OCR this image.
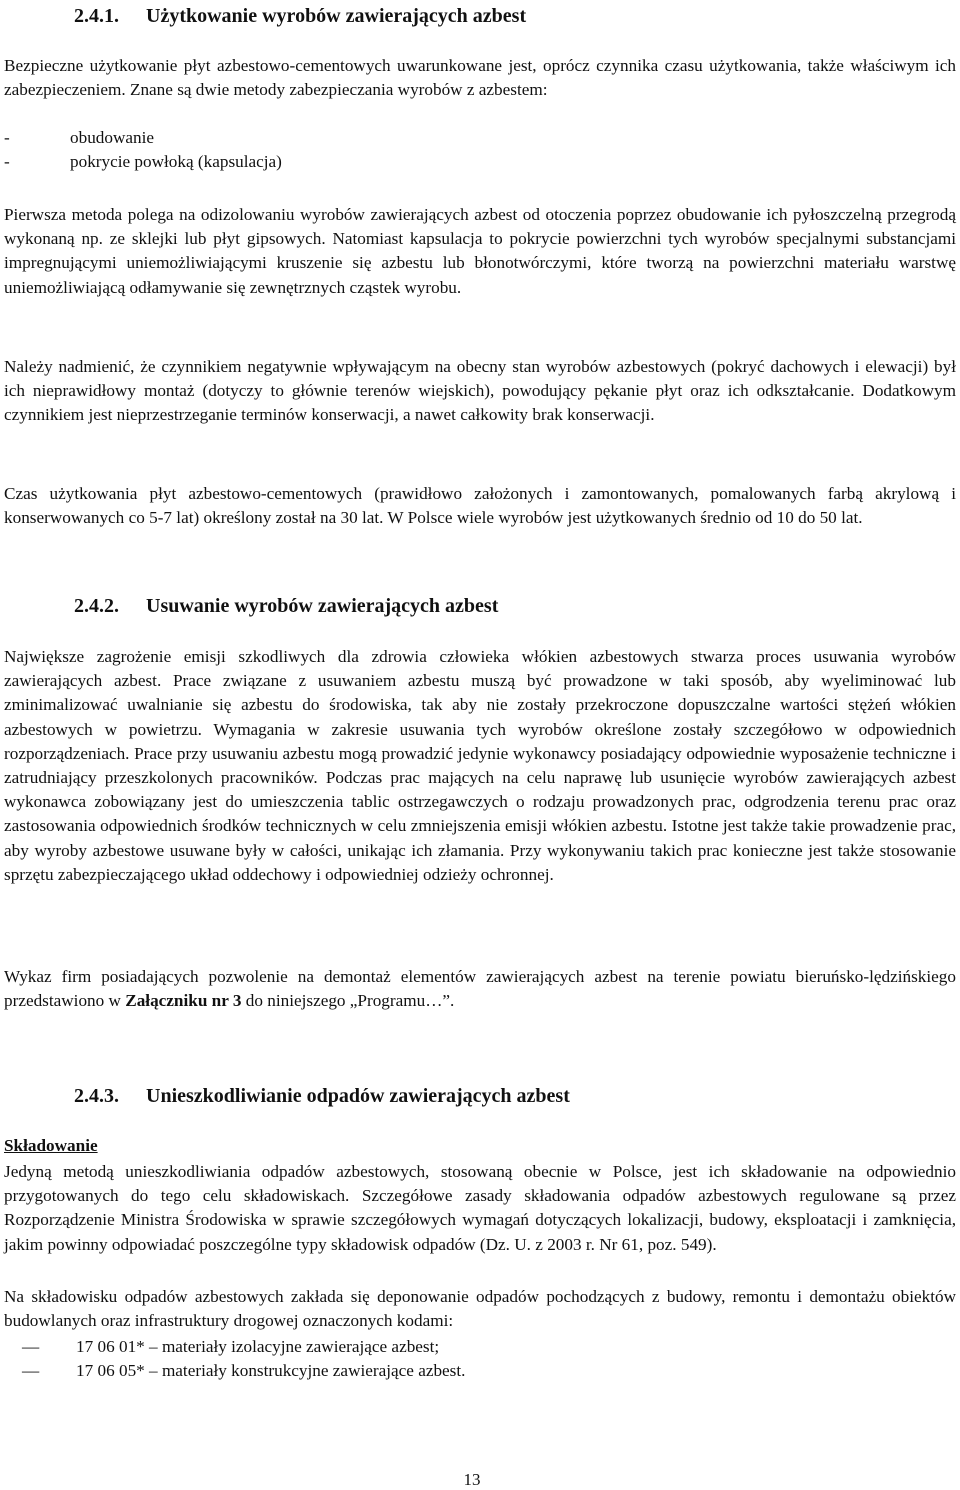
2.4.1. Użytkowanie wyrobów zawierających azbest

Bezpieczne użytkowanie płyt azbestowo-cementowych uwarunkowane jest, oprócz czynnika czasu użytkowania, także właściwym ich zabezpieczeniem. Znane są dwie metody zabezpieczania wyrobów z azbestem:

-	obudowanie
-	pokrycie powłoką (kapsulacja)

Pierwsza metoda polega na odizolowaniu wyrobów zawierających azbest od otoczenia poprzez obudowanie ich pyłoszczelną przegrodą wykonaną np. ze sklejki lub płyt gipsowych. Natomiast kapsulacja to pokrycie powierzchni tych wyrobów specjalnymi substancjami impregnującymi uniemożliwiającymi kruszenie się azbestu lub błonotwórczymi, które tworzą na powierzchni materiału warstwę uniemożliwiającą odłamywanie się zewnętrznych cząstek wyrobu.

Należy nadmienić, że czynnikiem negatywnie wpływającym na obecny stan wyrobów azbestowych (pokryć dachowych i elewacji) był ich nieprawidłowy montaż (dotyczy to głównie terenów wiejskich), powodujący pękanie płyt oraz ich odkształcanie. Dodatkowym czynnikiem jest nieprzestrzeganie terminów konserwacji, a nawet całkowity brak konserwacji.

Czas użytkowania płyt azbestowo-cementowych (prawidłowo założonych i zamontowanych, pomalowanych farbą akrylową i konserwowanych co 5-7 lat) określony został na 30 lat. W Polsce wiele wyrobów jest użytkowanych średnio od 10 do 50 lat.

2.4.2. Usuwanie wyrobów zawierających azbest

Największe zagrożenie emisji szkodliwych dla zdrowia człowieka włókien azbestowych stwarza proces usuwania wyrobów zawierających azbest. Prace związane z usuwaniem azbestu muszą być prowadzone w taki sposób, aby wyeliminować lub zminimalizować uwalnianie się azbestu do środowiska, tak aby nie zostały przekroczone dopuszczalne wartości stężeń włókien azbestowych w powietrzu. Wymagania w zakresie usuwania tych wyrobów określone zostały szczegółowo w odpowiednich rozporządzeniach. Prace przy usuwaniu azbestu mogą prowadzić jedynie wykonawcy posiadający odpowiednie wyposażenie techniczne i zatrudniający przeszkolonych pracowników. Podczas prac mających na celu naprawę lub usunięcie wyrobów zawierających azbest wykonawca zobowiązany jest do umieszczenia tablic ostrzegawczych o rodzaju prowadzonych prac, odgrodzenia terenu prac oraz zastosowania odpowiednich środków technicznych w celu zmniejszenia emisji włókien azbestu. Istotne jest także takie prowadzenie prac, aby wyroby azbestowe usuwane były w całości, unikając ich złamania. Przy wykonywaniu takich prac konieczne jest także stosowanie sprzętu zabezpieczającego układ oddechowy i odpowiedniej odzieży ochronnej.

Wykaz firm posiadających pozwolenie na demontaż elementów zawierających azbest na terenie powiatu bieruńsko-lędzińskiego przedstawiono w Załączniku nr 3 do niniejszego „Programu…”.

2.4.3. Unieszkodliwianie odpadów zawierających azbest
Składowanie

Jedyną metodą unieszkodliwiania odpadów azbestowych, stosowaną obecnie w Polsce, jest ich składowanie na odpowiednio przygotowanych do tego celu składowiskach. Szczegółowe zasady składowania odpadów azbestowych regulowane są przez Rozporządzenie Ministra Środowiska w sprawie szczegółowych wymagań dotyczących lokalizacji, budowy, eksploatacji i zamknięcia, jakim powinny odpowiadać poszczególne typy składowisk odpadów (Dz. U. z 2003 r. Nr 61, poz. 549).

Na składowisku odpadów azbestowych zakłada się deponowanie odpadów pochodzących z budowy, remontu i demontażu obiektów budowlanych oraz infrastruktury drogowej oznaczonych kodami:

—	17 06 01* – materiały izolacyjne zawierające azbest;
—	17 06 05* – materiały konstrukcyjne zawierające azbest.
13
